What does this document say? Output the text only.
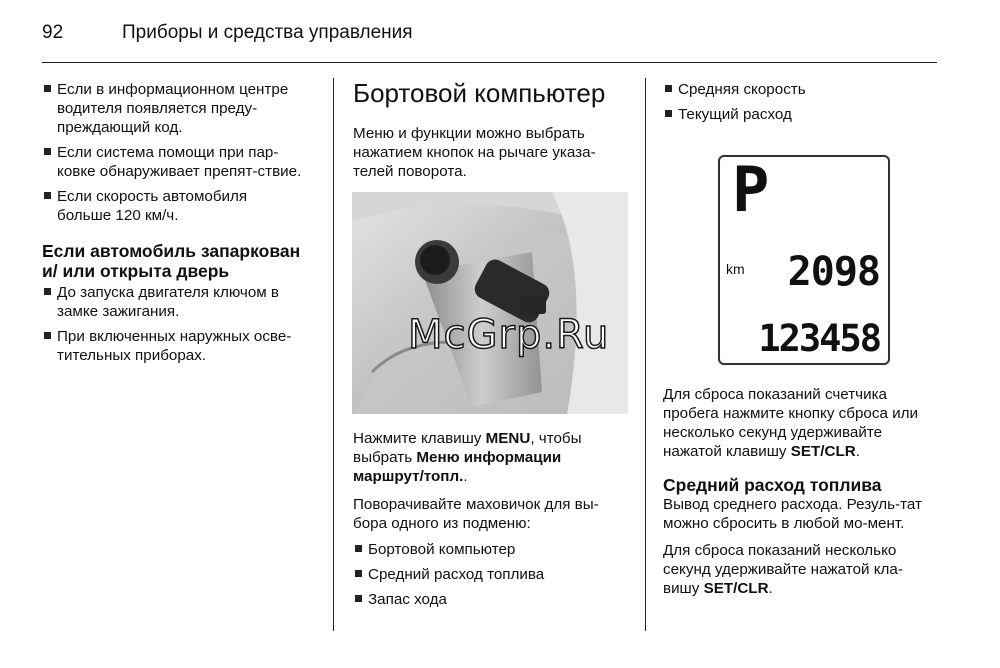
92	Приборы и средства управления

Если в информационном центре водителя появляется преду-преждающий код.

Если система помощи при пар-ковке обнаруживает препят-ствие.

Если скорость автомобиля больше 120 км/ч.

Если автомобиль запаркован и/ или открыта дверь

До запуска двигателя ключом в замке зажигания.

При включенных наружных осве-тительных приборах.

Бортовой компьютер

Меню и функции можно выбрать нажатием кнопок на рычаге указа-телей поворота.

Нажмите клавишу MENU, чтобы выбрать Меню информации маршрут/топл..

Поворачивайте маховичок для вы-бора одного из подменю:

Бортовой компьютер

Средний расход топлива

Запас хода

Средняя скорость

Текущий расход

P
km 2098
123458

Для сброса показаний счетчика пробега нажмите кнопку сброса или несколько секунд удерживайте нажатой клавишу SET/CLR.

Средний расход топлива

Вывод среднего расхода. Резуль-тат можно сбросить в любой мо-мент.

Для сброса показаний несколько секунд удерживайте нажатой кла-вишу SET/CLR.

McGrp.Ru
